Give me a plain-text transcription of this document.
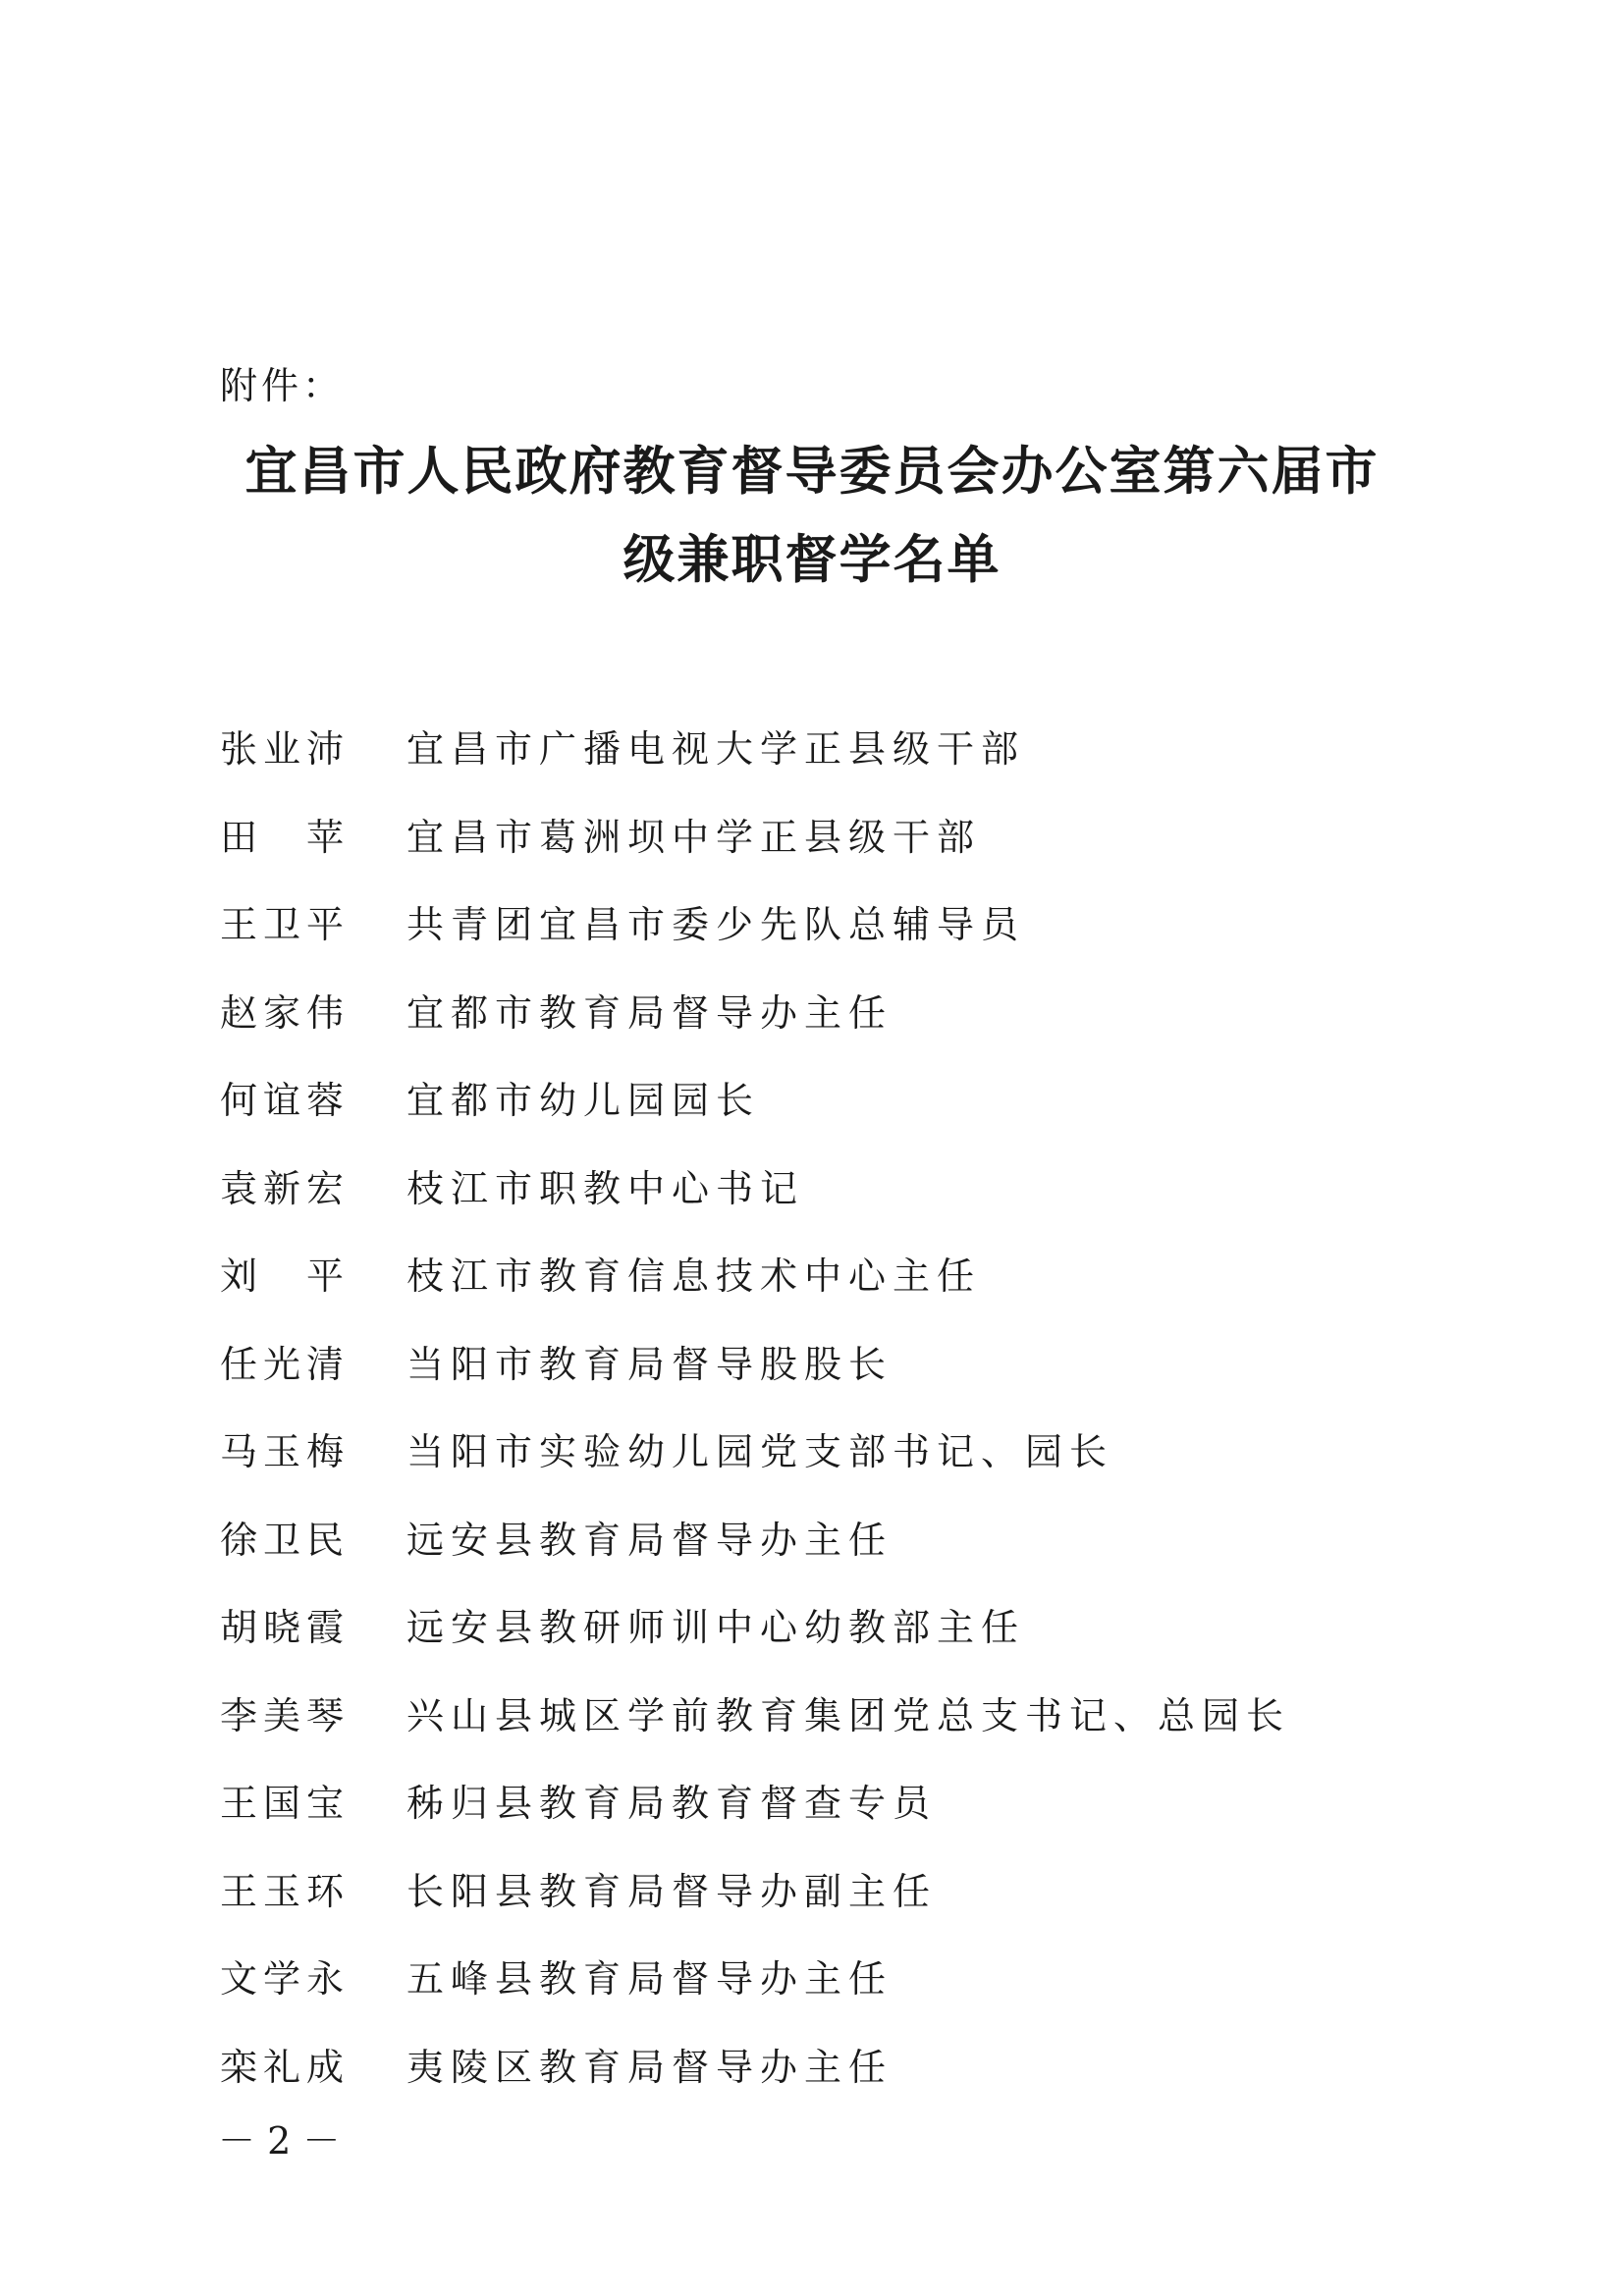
附件：
宜昌市人民政府教育督导委员会办公室第六届市
级兼职督学名单
张业沛	宜昌市广播电视大学正县级干部
田　苹	宜昌市葛洲坝中学正县级干部
王卫平	共青团宜昌市委少先队总辅导员
赵家伟	宜都市教育局督导办主任
何谊蓉	宜都市幼儿园园长
袁新宏	枝江市职教中心书记
刘　平	枝江市教育信息技术中心主任
任光清	当阳市教育局督导股股长
马玉梅	当阳市实验幼儿园党支部书记、园长
徐卫民	远安县教育局督导办主任
胡晓霞	远安县教研师训中心幼教部主任
李美琴	兴山县城区学前教育集团党总支书记、总园长
王国宝	秭归县教育局教育督查专员
王玉环	长阳县教育局督导办副主任
文学永	五峰县教育局督导办主任
栾礼成	夷陵区教育局督导办主任
－ 2 －
